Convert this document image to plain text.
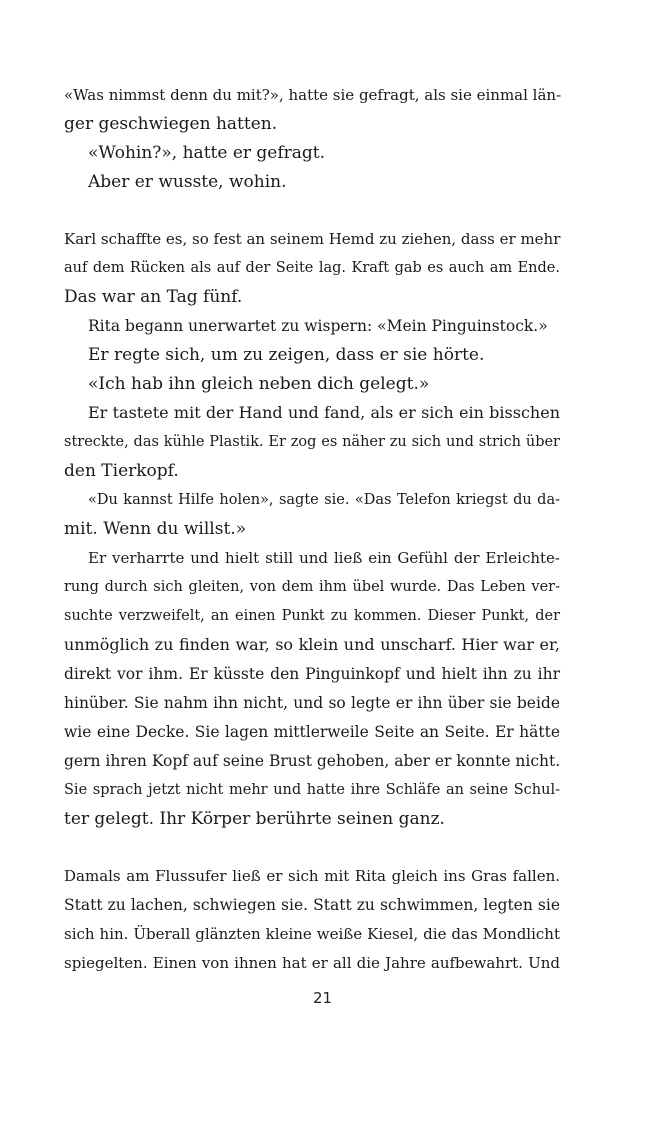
«Was nimmst denn du mit?», hatte sie gefragt, als sie einmal län-
ger geschwiegen hatten.
«Wohin?», hatte er gefragt.
Aber er wusste, wohin.
Karl schaffte es, so fest an seinem Hemd zu ziehen, dass er mehr
auf dem Rücken als auf der Seite lag. Kraft gab es auch am Ende.
Das war an Tag fünf.
Rita begann unerwartet zu wispern: «Mein Pinguinstock.»
Er regte sich, um zu zeigen, dass er sie hörte.
«Ich hab ihn gleich neben dich gelegt.»
Er tastete mit der Hand und fand, als er sich ein bisschen
streckte, das kühle Plastik. Er zog es näher zu sich und strich über
den Tierkopf.
«Du kannst Hilfe holen», sagte sie. «Das Telefon kriegst du da-
mit. Wenn du willst.»
Er verharrte und hielt still und ließ ein Gefühl der Erleichte-
rung durch sich gleiten, von dem ihm übel wurde. Das Leben ver-
suchte verzweifelt, an einen Punkt zu kommen. Dieser Punkt, der
unmöglich zu finden war, so klein und unscharf. Hier war er,
direkt vor ihm. Er küsste den Pinguinkopf und hielt ihn zu ihr
hinüber. Sie nahm ihn nicht, und so legte er ihn über sie beide
wie eine Decke. Sie lagen mittlerweile Seite an Seite. Er hätte
gern ihren Kopf auf seine Brust gehoben, aber er konnte nicht.
Sie sprach jetzt nicht mehr und hatte ihre Schläfe an seine Schul-
ter gelegt. Ihr Körper berührte seinen ganz.
Damals am Flussufer ließ er sich mit Rita gleich ins Gras fallen.
Statt zu lachen, schwiegen sie. Statt zu schwimmen, legten sie
sich hin. Überall glänzten kleine weiße Kiesel, die das Mondlicht
spiegelten. Einen von ihnen hat er all die Jahre aufbewahrt. Und
21
